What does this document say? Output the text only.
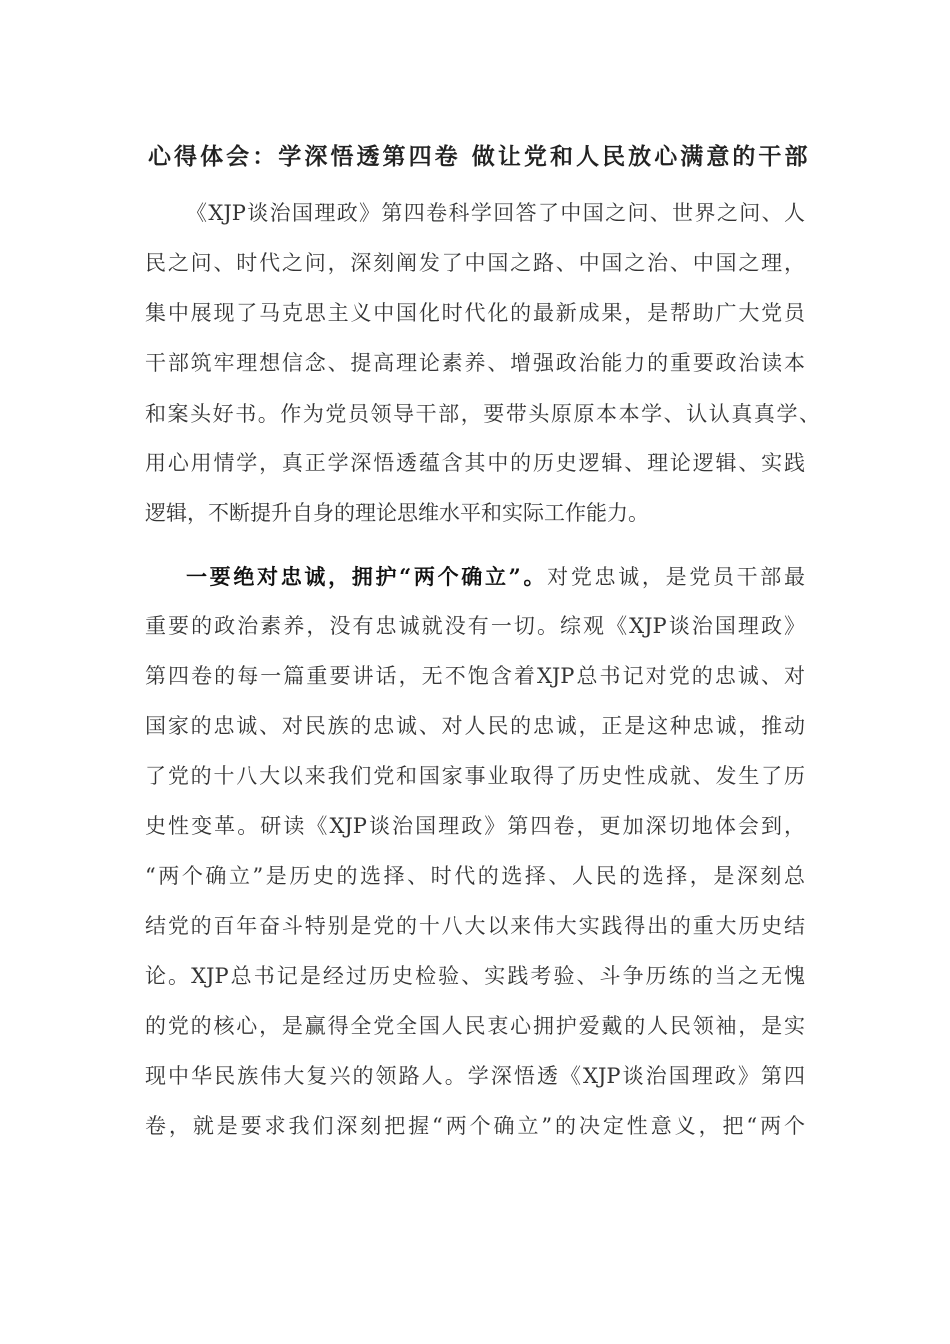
心得体会：学深悟透第四卷 做让党和人民放心满意的干部
《XJP谈治国理政》第四卷科学回答了中国之问、世界之问、人
民之问、时代之问，深刻阐发了中国之路、中国之治、中国之理，
集中展现了马克思主义中国化时代化的最新成果，是帮助广大党员
干部筑牢理想信念、提高理论素养、增强政治能力的重要政治读本
和案头好书。作为党员领导干部，要带头原原本本学、认认真真学、
用心用情学，真正学深悟透蕴含其中的历史逻辑、理论逻辑、实践
逻辑，不断提升自身的理论思维水平和实际工作能力。
一要绝对忠诚，拥护“两个确立”。对党忠诚，是党员干部最
重要的政治素养，没有忠诚就没有一切。综观《XJP谈治国理政》
第四卷的每一篇重要讲话，无不饱含着XJP总书记对党的忠诚、对
国家的忠诚、对民族的忠诚、对人民的忠诚，正是这种忠诚，推动
了党的十八大以来我们党和国家事业取得了历史性成就、发生了历
史性变革。研读《XJP谈治国理政》第四卷，更加深切地体会到，
“两个确立”是历史的选择、时代的选择、人民的选择，是深刻总
结党的百年奋斗特别是党的十八大以来伟大实践得出的重大历史结
论。XJP总书记是经过历史检验、实践考验、斗争历练的当之无愧
的党的核心，是赢得全党全国人民衷心拥护爱戴的人民领袖，是实
现中华民族伟大复兴的领路人。学深悟透《XJP谈治国理政》第四
卷，就是要求我们深刻把握“两个确立”的决定性意义，把“两个
